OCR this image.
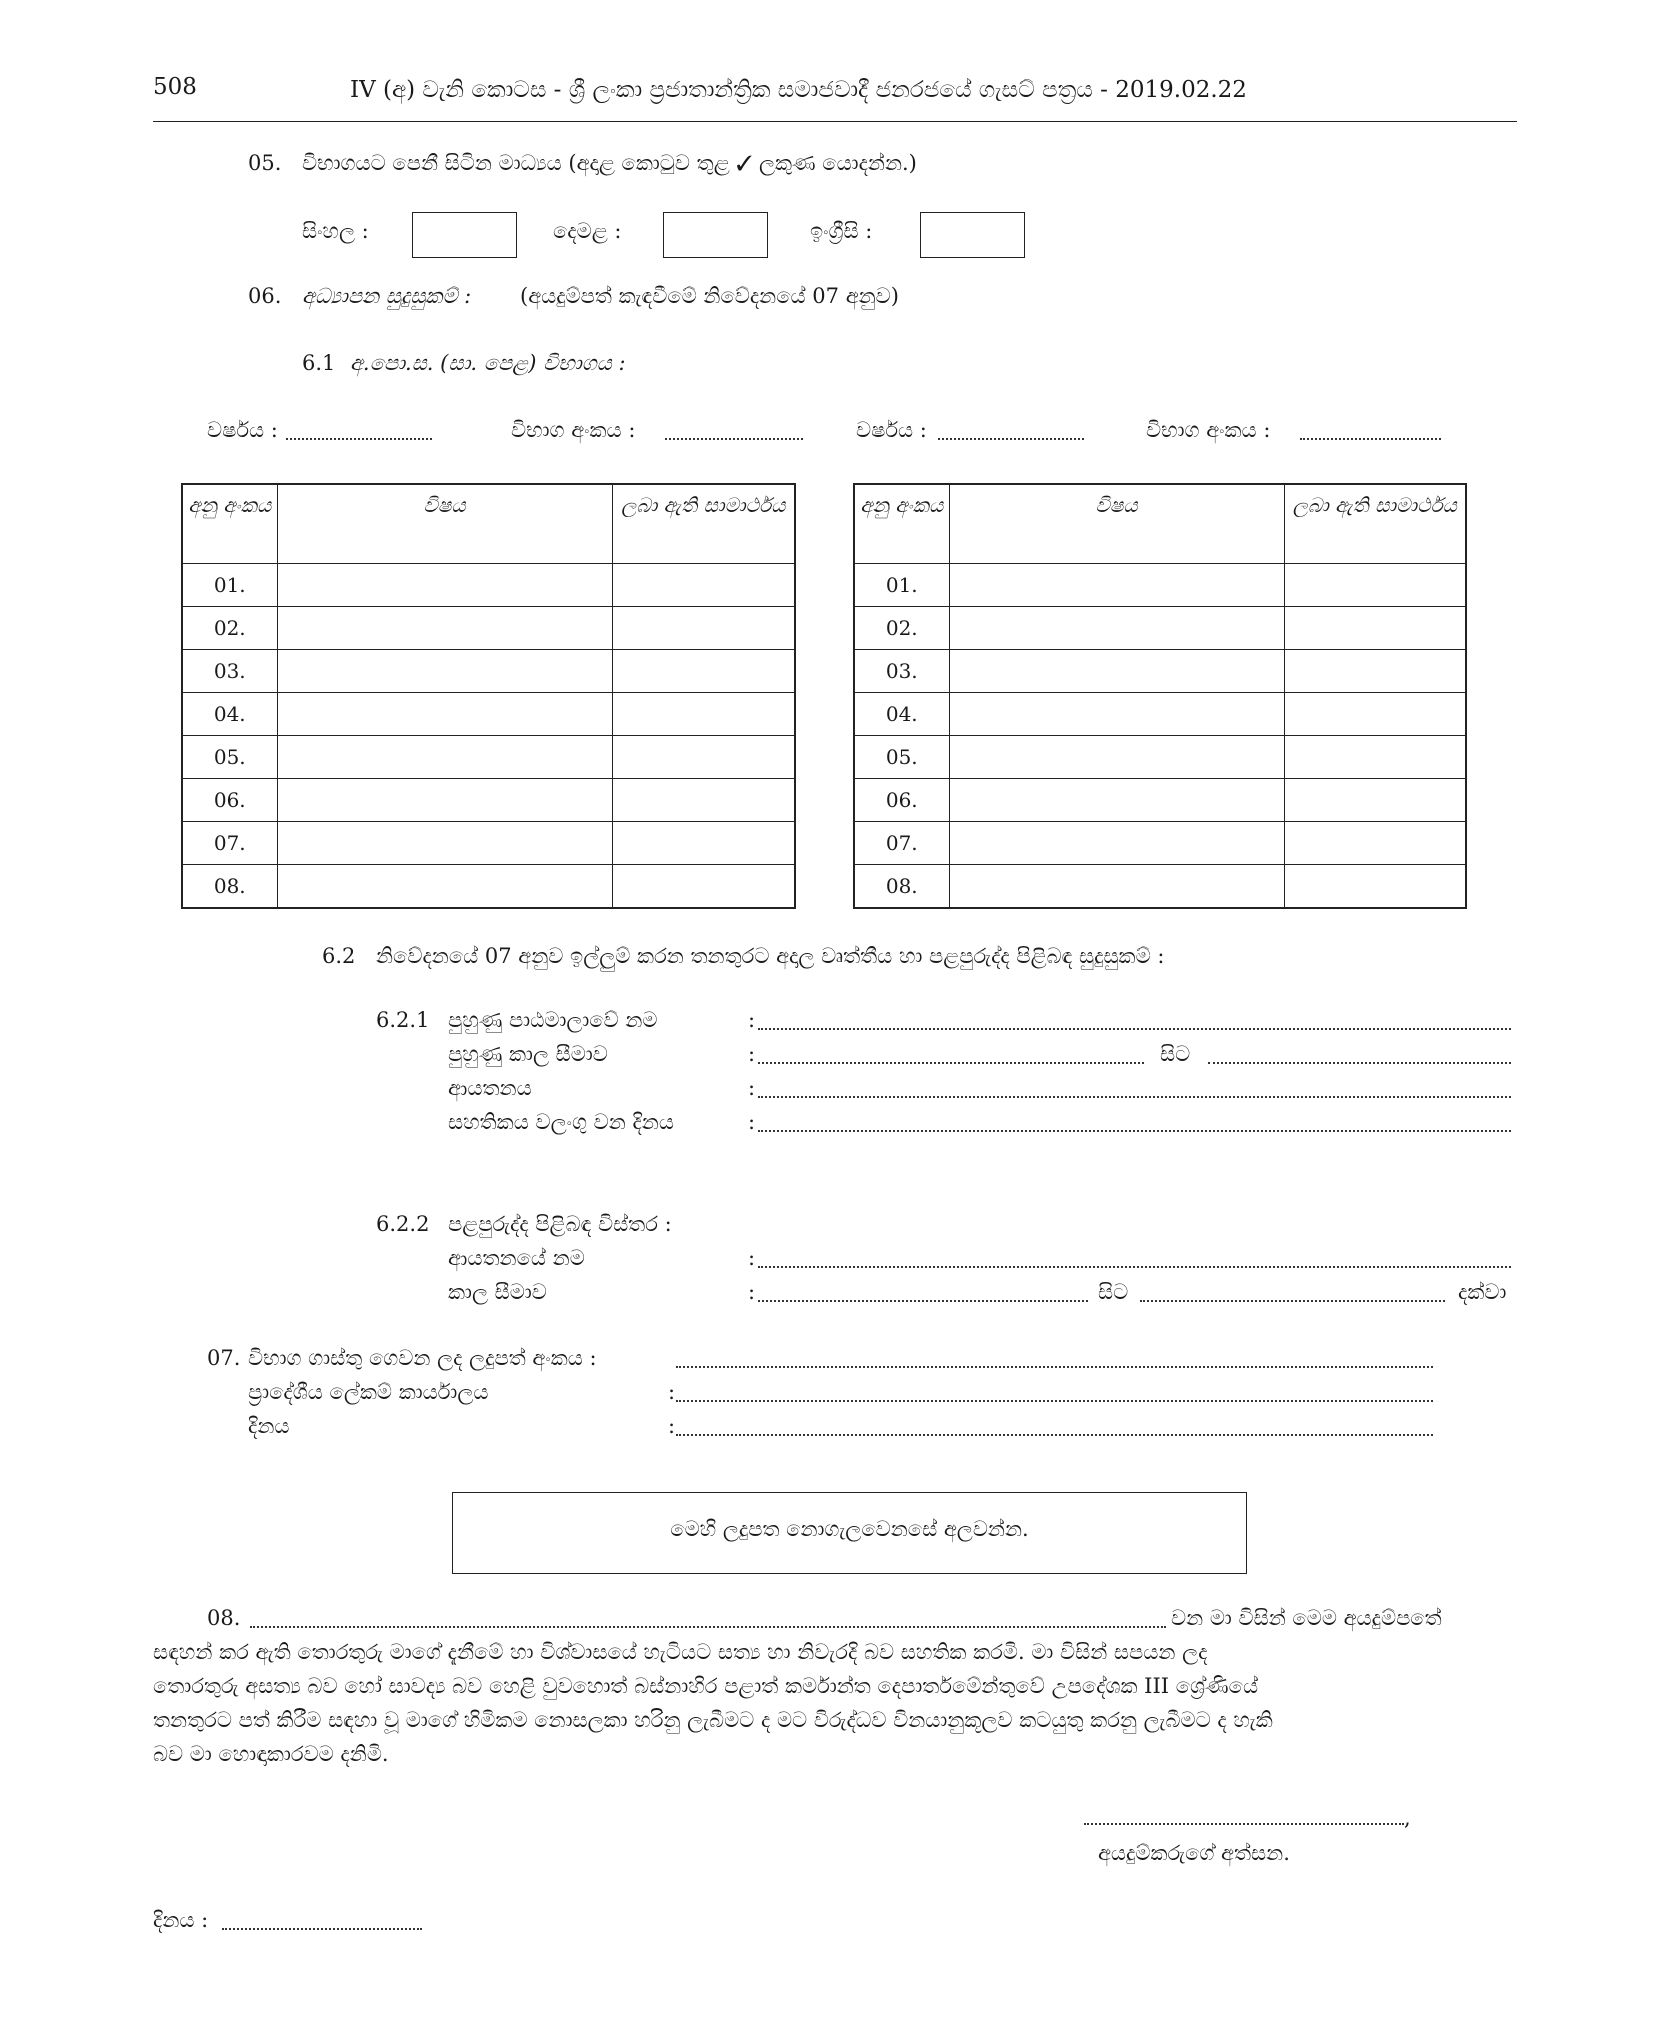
508	IV (අ) වැනි කොටස - ශ්‍රී ලංකා ප්‍රජාතාන්ත්‍රික සමාජවාදී ජනරජයේ ගැසට් පත්‍රය - 2019.02.22
05. විභාගයට පෙනී සිටින මාධ්‍යය (අදාළ කොටුව තුළ ✓ ලකුණ යොදන්න.)
සිංහල :	දෙමළ :	ඉංග්‍රීසි :
06. අධ්‍යාපන සුදුසුකම් : (අයදුම්පත් කැඳවීමේ නිවේදනයේ 07 අනුව)
6.1 අ.පො.ස. (සා. පෙළ) විභාගය :
වර්ෂය :	විභාග අංකය :	වර්ෂය :	විභාග අංකය :
අනු අංකය	විෂය	ලබා ඇති සාමාර්ථය
01.		
02.		
03.		
04.		
05.		
06.		
07.		
08.		
අනු අංකය	විෂය	ලබා ඇති සාමාර්ථය
01.		
02.		
03.		
04.		
05.		
06.		
07.		
08.		
6.2 නිවේදනයේ 07 අනුව ඉල්ලුම් කරන තනතුරට අදාල වෘත්තීය හා පළපුරුද්ද පිළිබඳ සුදුසුකම් :
6.2.1 පුහුණු පාඨමාලාවේ නම	:
පුහුණු කාල සීමාව	:	සිට
ආයතනය	:
සහතිකය වලංගු වන දිනය	:
6.2.2 පළපුරුද්ද පිළිබඳ විස්තර :
ආයතනයේ නම	:
කාල සීමාව	:	සිට	දක්වා
07. විභාග ගාස්තු ගෙවන ලද ලදුපත් අංකය :
ප්‍රාදේශීය ලේකම් කාර්යාලය	:
දිනය	:
මෙහි ලදුපත නොගැලවෙනසේ අලවන්න.
08.	වන මා විසින් මෙම අයදුම්පතේ
සඳහන් කර ඇති තොරතුරු මාගේ දැනීමේ හා විශ්වාසයේ හැටියට සත්‍ය හා නිවැරදි බව සහතික කරමි. මා විසින් සපයන ලද
තොරතුරු අසත්‍ය බව හෝ සාවද්‍ය බව හෙළි වුවහොත් බස්නාහිර පළාත් කර්මාන්ත දෙපාර්තමේන්තුවේ උපදේශක III ශ්‍රේණියේ
තනතුරට පත් කිරීම සඳහා වූ මාගේ හිමිකම නොසලකා හරිනු ලැබීමට ද මට විරුද්ධව විනයානුකූලව කටයුතු කරනු ලැබීමට ද හැකි
බව මා හොඳාකාරවම දනිමි.
,
අයදුම්කරුගේ අත්සන.
දිනය :
